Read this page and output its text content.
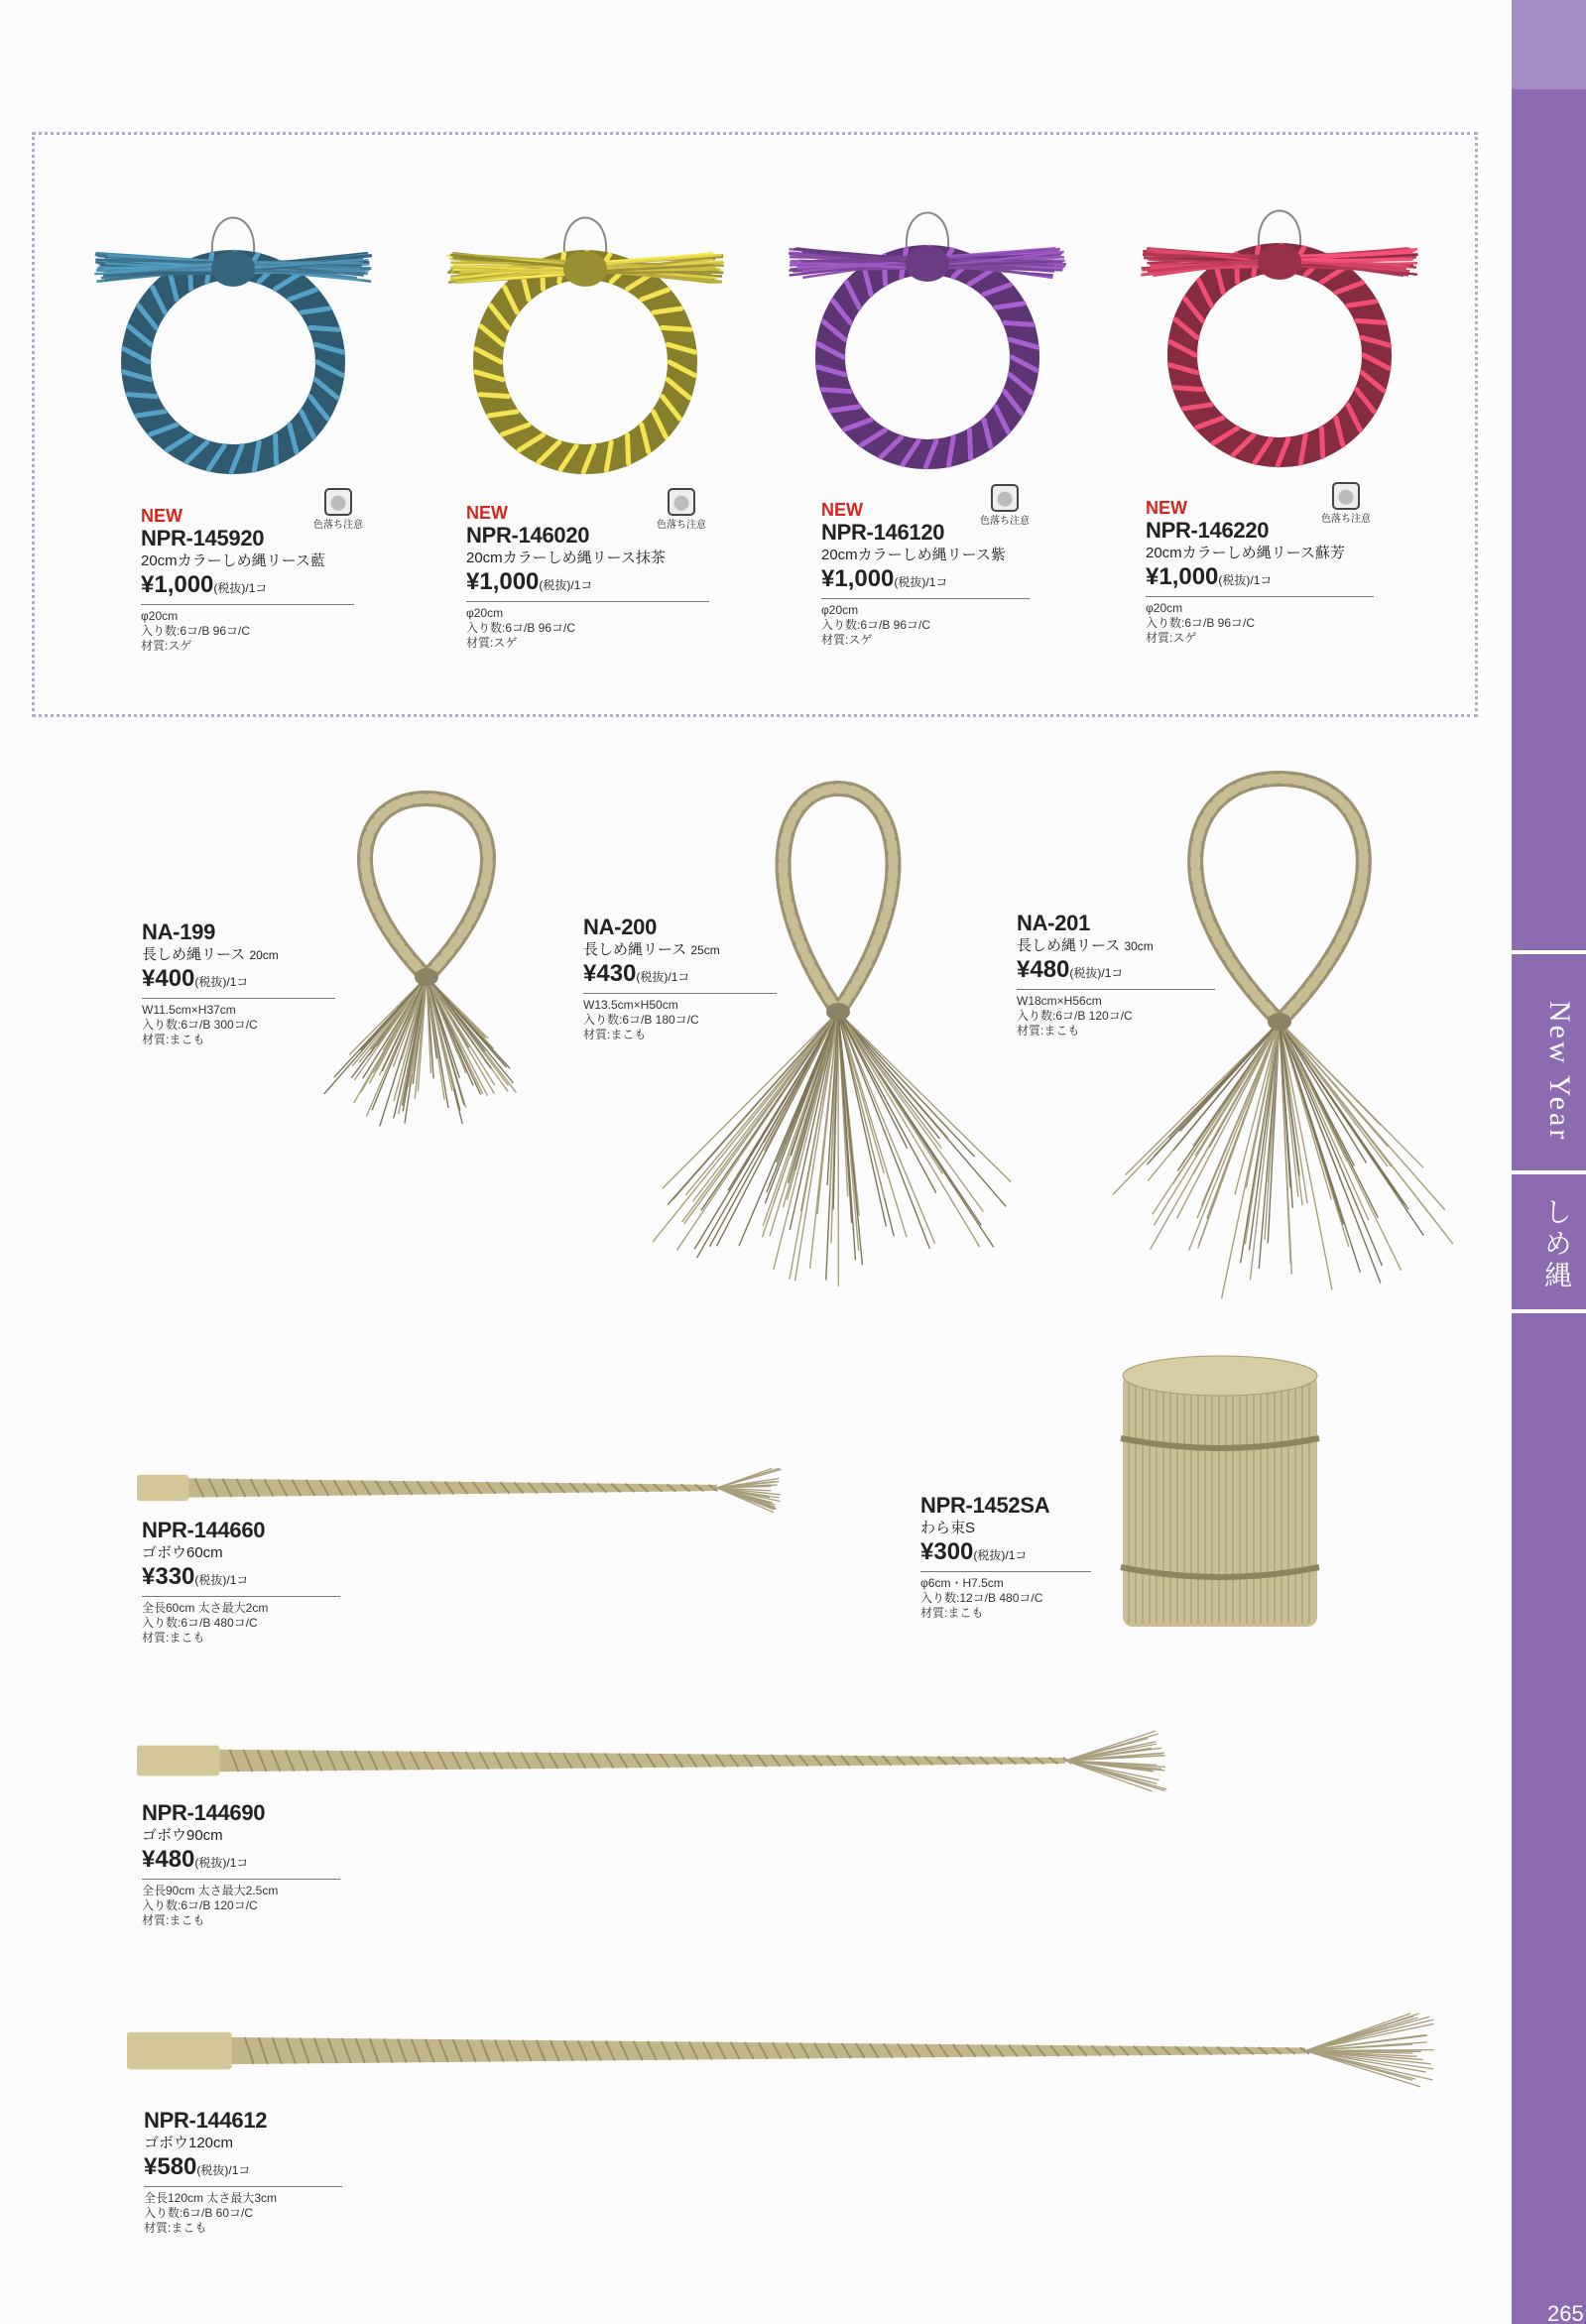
New Year
しめ縄
265
NEW
NPR-145920
20cmカラーしめ縄リース藍
¥1,000(税抜)/1コ
φ20cm
入り数:6コ/B 96コ/C
材質:スゲ
色落ち注意
NEW
NPR-146020
20cmカラーしめ縄リース抹茶
¥1,000(税抜)/1コ
φ20cm
入り数:6コ/B 96コ/C
材質:スゲ
色落ち注意
NEW
NPR-146120
20cmカラーしめ縄リース紫
¥1,000(税抜)/1コ
φ20cm
入り数:6コ/B 96コ/C
材質:スゲ
色落ち注意
NEW
NPR-146220
20cmカラーしめ縄リース蘇芳
¥1,000(税抜)/1コ
φ20cm
入り数:6コ/B 96コ/C
材質:スゲ
色落ち注意
NA-199
長しめ縄リース 20cm
¥400(税抜)/1コ
W11.5cm×H37cm
入り数:6コ/B 300コ/C
材質:まこも
NA-200
長しめ縄リース 25cm
¥430(税抜)/1コ
W13.5cm×H50cm
入り数:6コ/B 180コ/C
材質:まこも
NA-201
長しめ縄リース 30cm
¥480(税抜)/1コ
W18cm×H56cm
入り数:6コ/B 120コ/C
材質:まこも
NPR-144660
ゴボウ60cm
¥330(税抜)/1コ
全長60cm 太さ最大2cm
入り数:6コ/B 480コ/C
材質:まこも
NPR-144690
ゴボウ90cm
¥480(税抜)/1コ
全長90cm 太さ最大2.5cm
入り数:6コ/B 120コ/C
材質:まこも
NPR-144612
ゴボウ120cm
¥580(税抜)/1コ
全長120cm 太さ最大3cm
入り数:6コ/B 60コ/C
材質:まこも
NPR-1452SA
わら束S
¥300(税抜)/1コ
φ6cm・H7.5cm
入り数:12コ/B 480コ/C
材質:まこも
